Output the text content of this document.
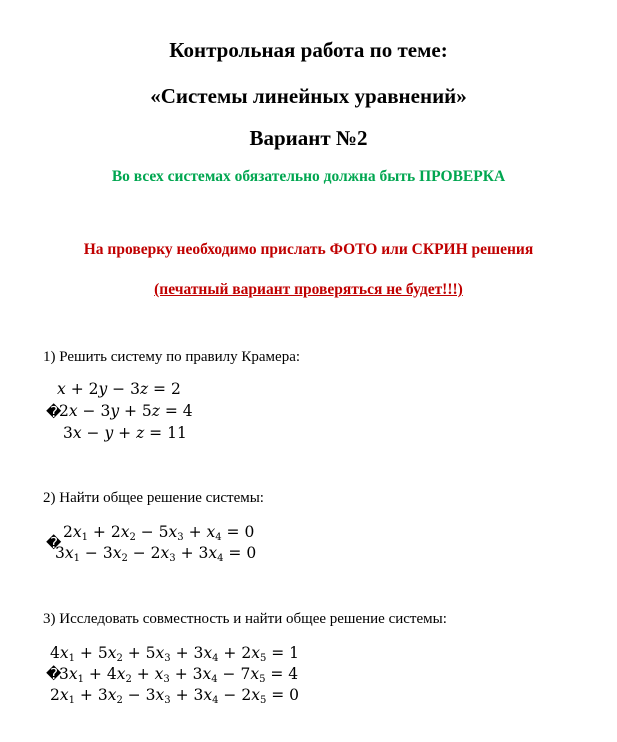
Контрольная работа по теме:
«Системы линейных уравнений»
Вариант №2
Во всех системах обязательно должна быть ПРОВЕРКА
На проверку необходимо прислать ФОТО или СКРИН решения
(печатный вариант проверяться не будет!!!)
1) Решить систему по правилу Крамера:
�
x + 2y − 3z = 2
2x − 3y + 5z = 4
3x − y + z = 11
2) Найти общее решение системы:
�
$2x_1 + 2x_2 - 5x_3 + x_4 = 0$
$3x_1 - 3x_2 - 2x_3 + 3x_4 = 0$
3) Исследовать совместность и найти общее решение системы:
�
$4x_1 + 5x_2 + 5x_3 + 3x_4 + 2x_5 = 1$
$3x_1 + 4x_2 + x_3 + 3x_4 - 7x_5 = 4$
$2x_1 + 3x_2 - 3x_3 + 3x_4 - 2x_5 = 0$
